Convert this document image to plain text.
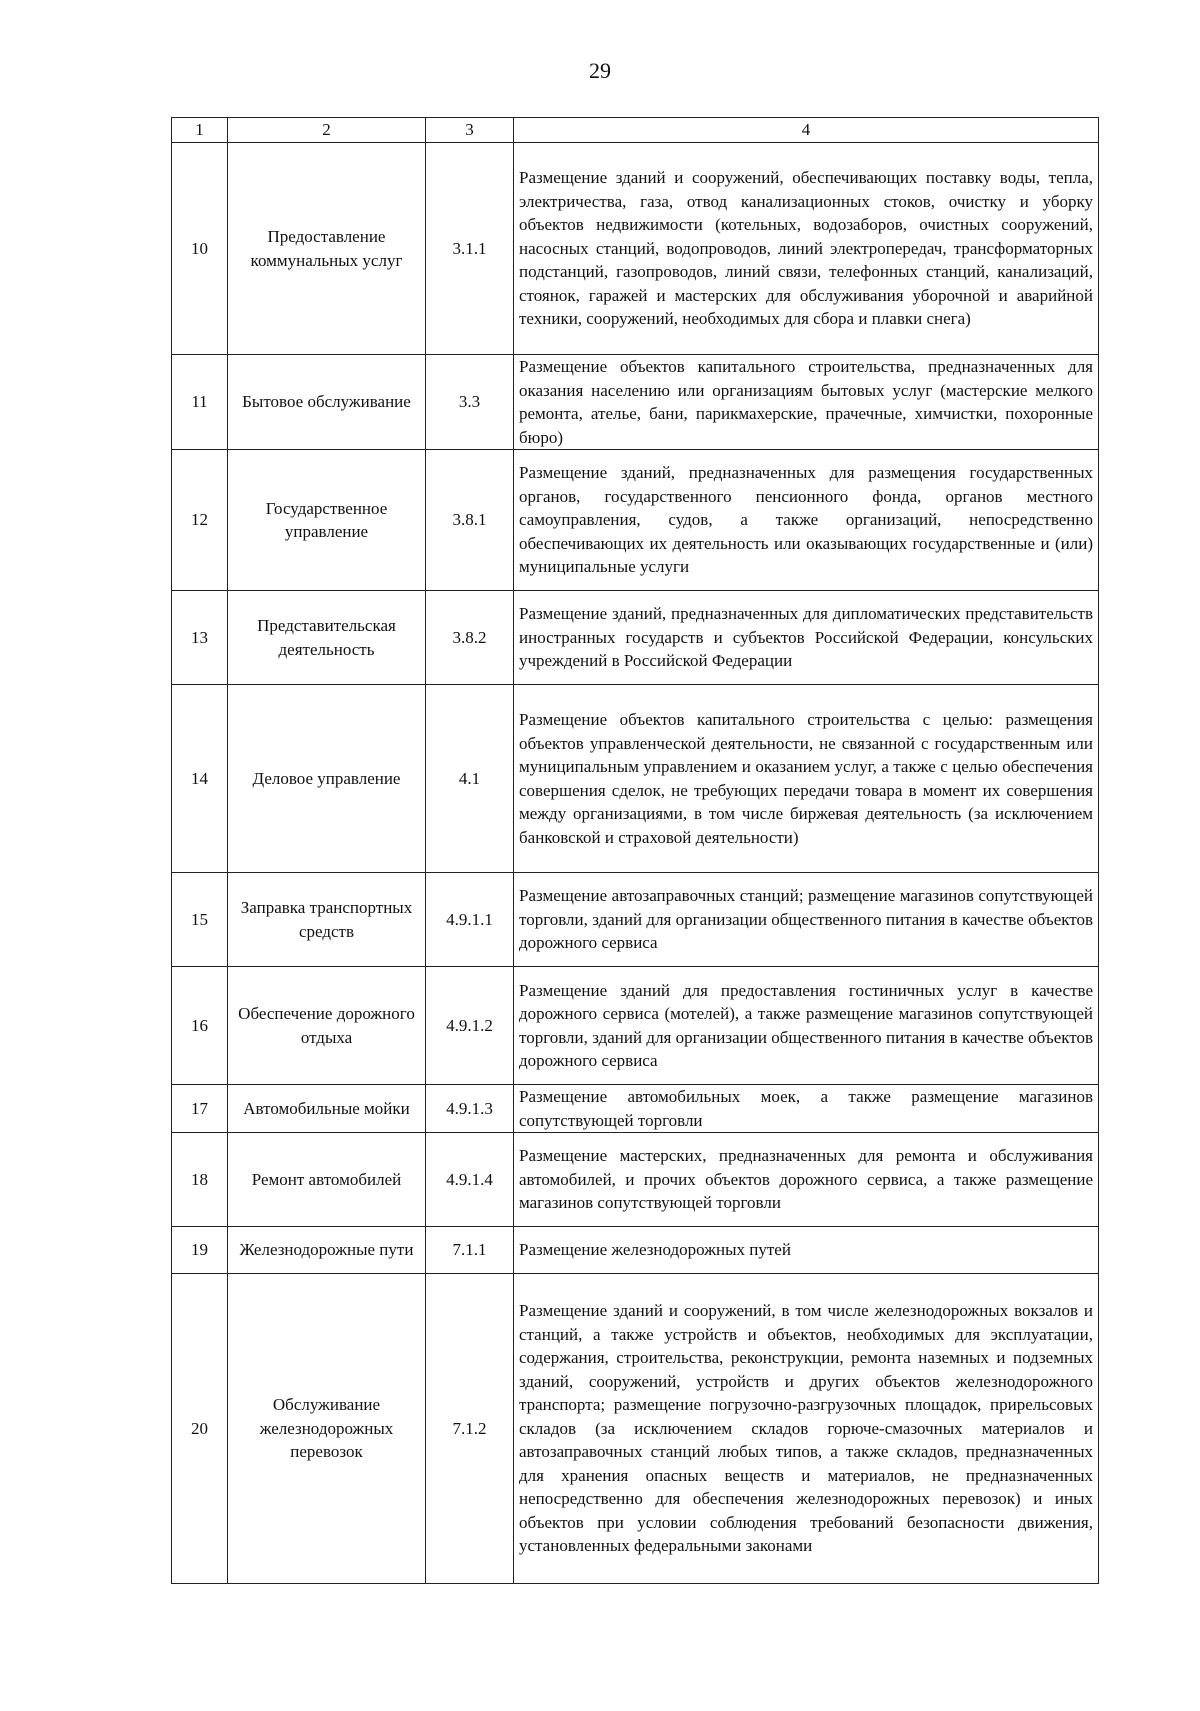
29
1	2	3	4
10	Предоставление коммунальных услуг	3.1.1	Размещение зданий и сооружений, обеспечивающих поставку воды, тепла, электричества, газа, отвод канализационных стоков, очистку и уборку объектов недвижимости (котельных, водозаборов, очистных сооружений, насосных станций, водопроводов, линий электропередач, трансформаторных подстанций, газопроводов, линий связи, телефонных станций, канализаций, стоянок, гаражей и мастерских для обслуживания уборочной и аварийной техники, сооружений, необходимых для сбора и плавки снега)
11	Бытовое обслуживание	3.3	Размещение объектов капитального строительства, предназначенных для оказания населению или организациям бытовых услуг (мастерские мелкого ремонта, ателье, бани, парикмахерские, прачечные, химчистки, похоронные бюро)
12	Государственное управление	3.8.1	Размещение зданий, предназначенных для размещения государственных органов, государственного пенсионного фонда, органов местного самоуправления, судов, а также организаций, непосредственно обеспечивающих их деятельность или оказывающих государственные и (или) муниципальные услуги
13	Представительская деятельность	3.8.2	Размещение зданий, предназначенных для дипломатических представительств иностранных государств и субъектов Российской Федерации, консульских учреждений в Российской Федерации
14	Деловое управление	4.1	Размещение объектов капитального строительства с целью: размещения объектов управленческой деятельности, не связанной с государственным или муниципальным управлением и оказанием услуг, а также с целью обеспечения совершения сделок, не требующих передачи товара в момент их совершения между организациями, в том числе биржевая деятельность (за исключением банковской и страховой деятельности)
15	Заправка транспортных средств	4.9.1.1	Размещение автозаправочных станций; размещение магазинов сопутствующей торговли, зданий для организации общественного питания в качестве объектов дорожного сервиса
16	Обеспечение дорожного отдыха	4.9.1.2	Размещение зданий для предоставления гостиничных услуг в качестве дорожного сервиса (мотелей), а также размещение магазинов сопутствующей торговли, зданий для организации общественного питания в качестве объектов дорожного сервиса
17	Автомобильные мойки	4.9.1.3	Размещение автомобильных моек, а также размещение магазинов сопутствующей торговли
18	Ремонт автомобилей	4.9.1.4	Размещение мастерских, предназначенных для ремонта и обслуживания автомобилей, и прочих объектов дорожного сервиса, а также размещение магазинов сопутствующей торговли
19	Железнодорожные пути	7.1.1	Размещение железнодорожных путей
20	Обслуживание железнодорожных перевозок	7.1.2	Размещение зданий и сооружений, в том числе железнодорожных вокзалов и станций, а также устройств и объектов, необходимых для эксплуатации, содержания, строительства, реконструкции, ремонта наземных и подземных зданий, сооружений, устройств и других объектов железнодорожного транспорта; размещение погрузочно-разгрузочных площадок, прирельсовых складов (за исключением складов горюче-смазочных материалов и автозаправочных станций любых типов, а также складов, предназначенных для хранения опасных веществ и материалов, не предназначенных непосредственно для обеспечения железнодорожных перевозок) и иных объектов при условии соблюдения требований безопасности движения, установленных федеральными законами
